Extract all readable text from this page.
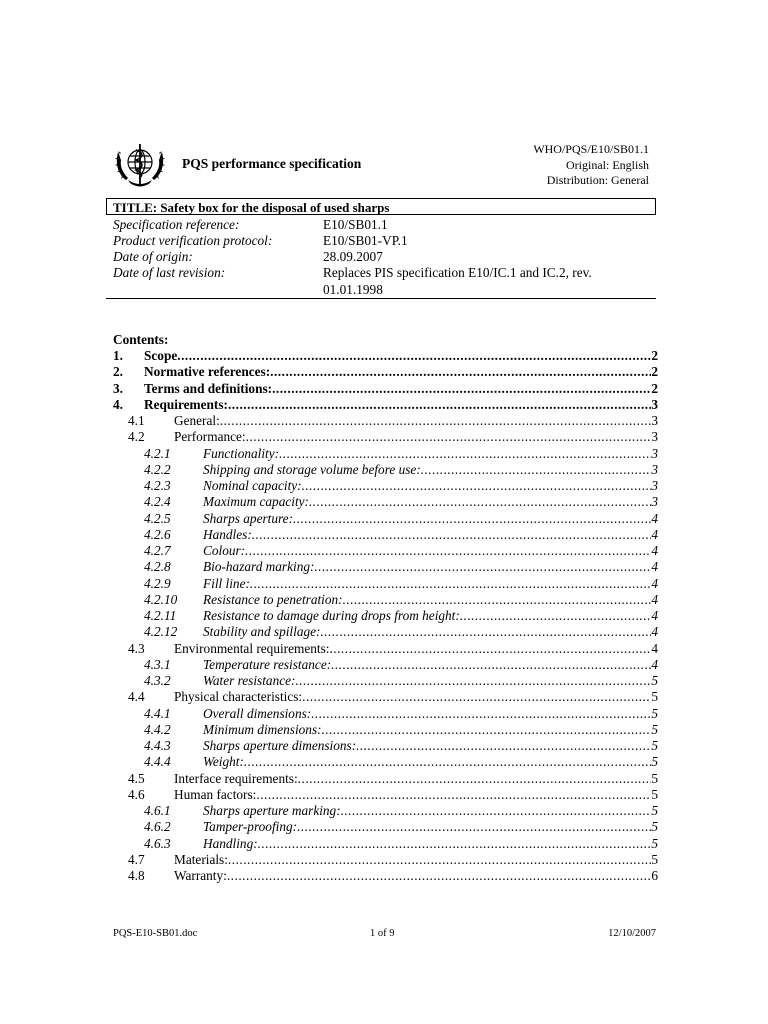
PQS performance specification
WHO/PQS/E10/SB01.1
Original: English
Distribution: General
TITLE: Safety box for the disposal of used sharps
Specification reference:	E10/SB01.1
Product verification protocol:	E10/SB01-VP.1
Date of origin:	28.09.2007
Date of last revision:	Replaces PIS specification E10/IC.1 and IC.2, rev. 01.01.1998
Contents:
1. Scope .....	2
2. Normative references: .....	2
3. Terms and definitions: .....	2
4. Requirements: .....	3
4.1 General: .....	3
4.2 Performance: .....	3
4.2.1 Functionality: .....	3
4.2.2 Shipping and storage volume before use: .....	3
4.2.3 Nominal capacity: .....	3
4.2.4 Maximum capacity: .....	3
4.2.5 Sharps aperture: .....	4
4.2.6 Handles: .....	4
4.2.7 Colour: .....	4
4.2.8 Bio-hazard marking: .....	4
4.2.9 Fill line: .....	4
4.2.10 Resistance to penetration: .....	4
4.2.11 Resistance to damage during drops from height: .....	4
4.2.12 Stability and spillage: .....	4
4.3 Environmental requirements: .....	4
4.3.1 Temperature resistance: .....	4
4.3.2 Water resistance: .....	5
4.4 Physical characteristics: .....	5
4.4.1 Overall dimensions: .....	5
4.4.2 Minimum dimensions: .....	5
4.4.3 Sharps aperture dimensions: .....	5
4.4.4 Weight: .....	5
4.5 Interface requirements: .....	5
4.6 Human factors: .....	5
4.6.1 Sharps aperture marking: .....	5
4.6.2 Tamper-proofing: .....	5
4.6.3 Handling: .....	5
4.7 Materials: .....	5
4.8 Warranty: .....	6
PQS-E10-SB01.doc	1 of 9	12/10/2007
